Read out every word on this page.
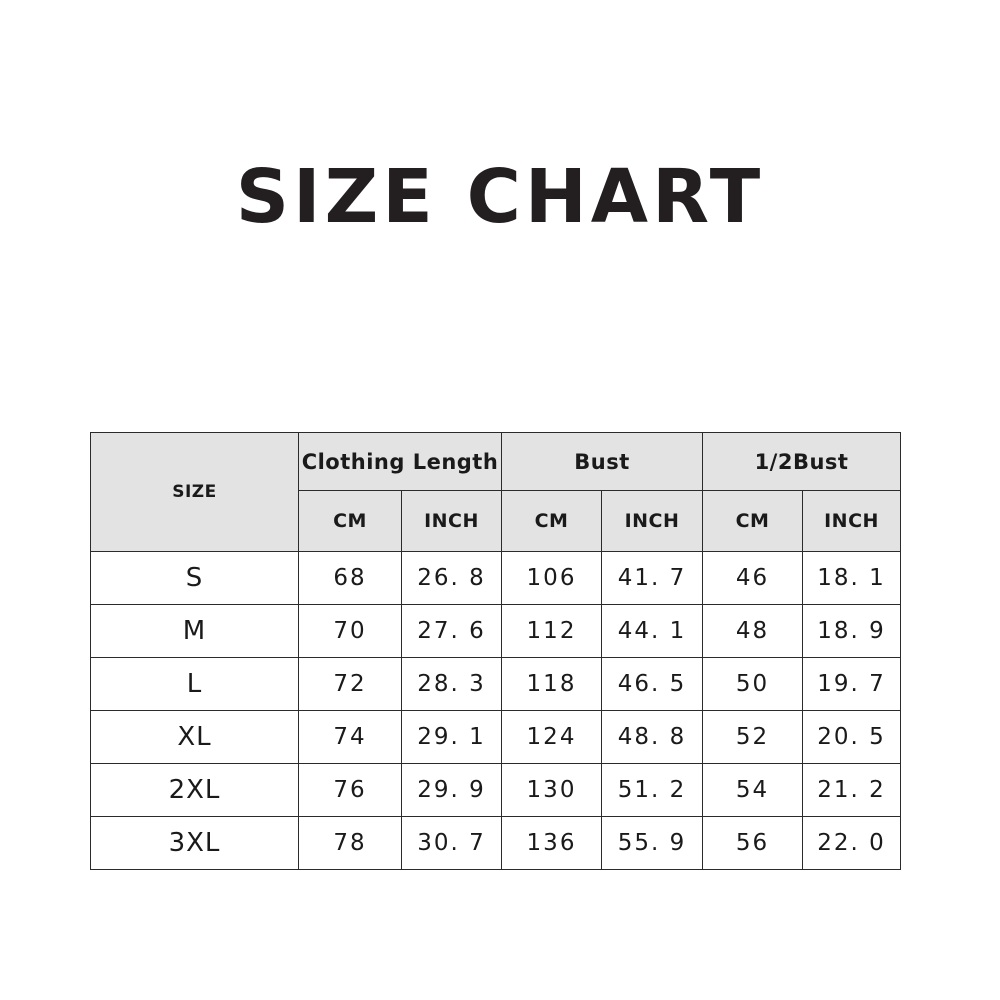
SIZE CHART
SIZE	Clothing Length		Bust		1/2Bust	
	CM	INCH	CM	INCH	CM	INCH
S	68	26. 8	106	41. 7	46	18. 1
M	70	27. 6	112	44. 1	48	18. 9
L	72	28. 3	118	46. 5	50	19. 7
XL	74	29. 1	124	48. 8	52	20. 5
2XL	76	29. 9	130	51. 2	54	21. 2
3XL	78	30. 7	136	55. 9	56	22. 0
